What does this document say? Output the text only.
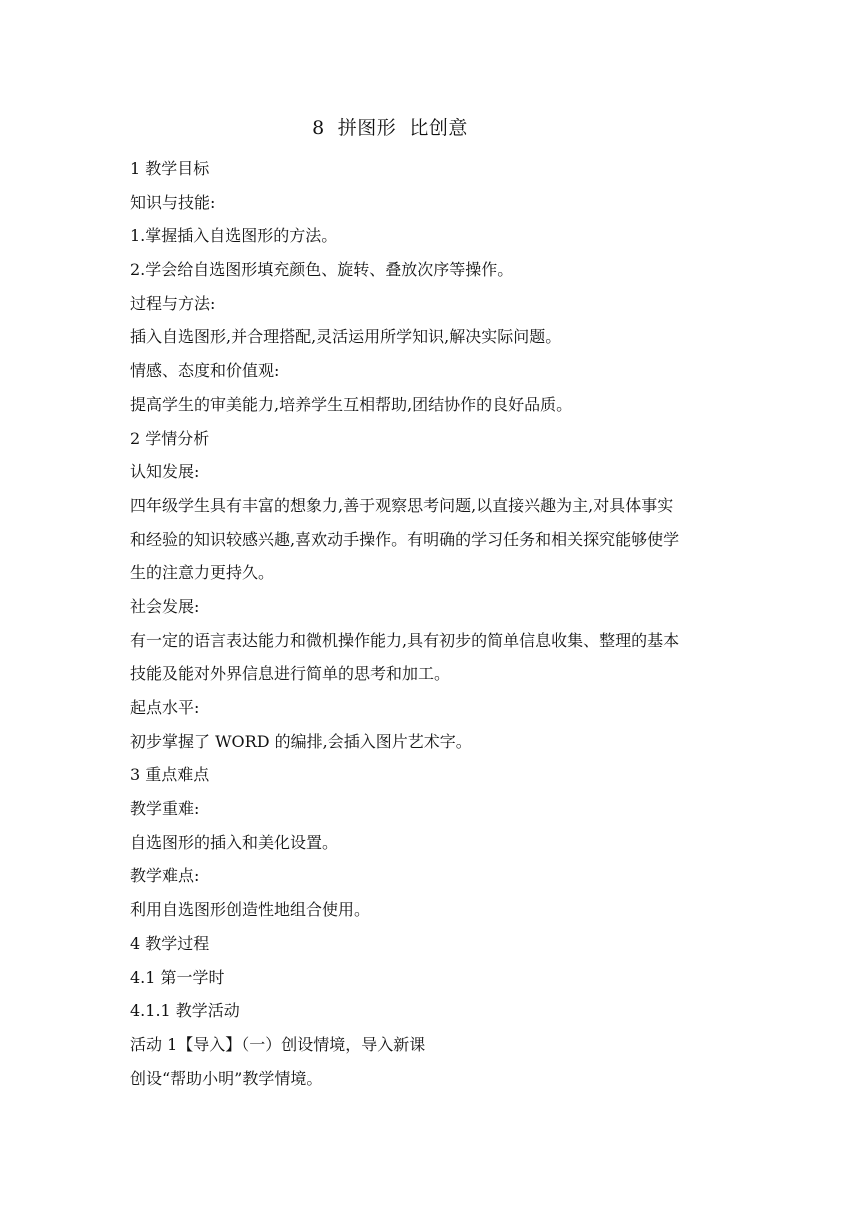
8  拼图形  比创意
1 教学目标
知识与技能:
1.掌握插入自选图形的方法。
2.学会给自选图形填充颜色、旋转、叠放次序等操作。
过程与方法:
插入自选图形,并合理搭配,灵活运用所学知识,解决实际问题。
情感、态度和价值观:
提高学生的审美能力,培养学生互相帮助,团结协作的良好品质。
2 学情分析
认知发展:
四年级学生具有丰富的想象力,善于观察思考问题,以直接兴趣为主,对具体事实
和经验的知识较感兴趣,喜欢动手操作。有明确的学习任务和相关探究能够使学
生的注意力更持久。
社会发展:
有一定的语言表达能力和微机操作能力,具有初步的简单信息收集、整理的基本
技能及能对外界信息进行简单的思考和加工。
起点水平:
初步掌握了 WORD 的编排,会插入图片艺术字。
3 重点难点
教学重难:
自选图形的插入和美化设置。
教学难点:
利用自选图形创造性地组合使用。
4 教学过程
4.1 第一学时
4.1.1 教学活动
活动 1【导入】（一）创设情境，导入新课
创设“帮助小明”教学情境。
